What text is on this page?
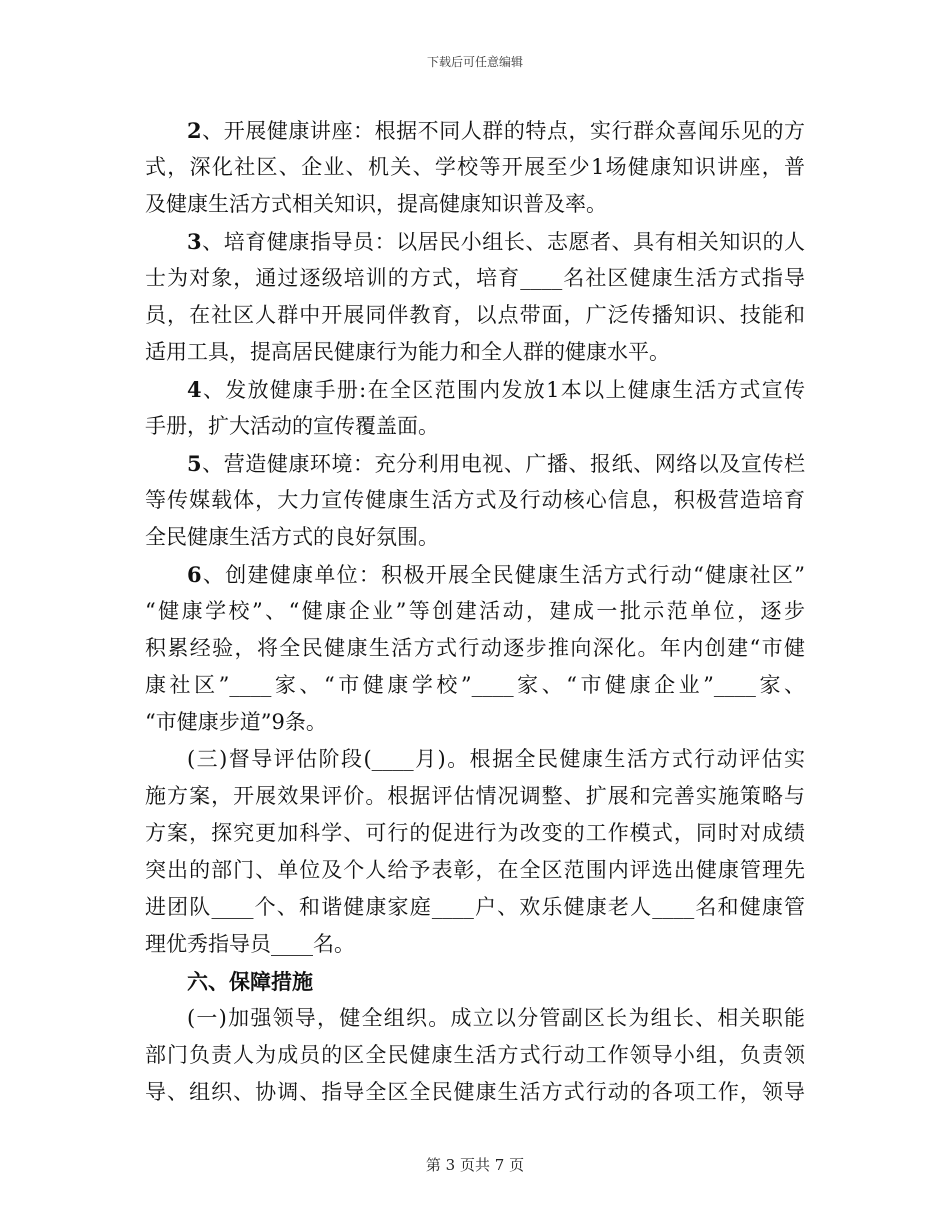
下载后可任意编辑
2、开展健康讲座：根据不同人群的特点，实行群众喜闻乐见的方
式，深化社区、企业、机关、学校等开展至少1场健康知识讲座，普
及健康生活方式相关知识，提高健康知识普及率。
3、培育健康指导员：以居民小组长、志愿者、具有相关知识的人
士为对象，通过逐级培训的方式，培育____名社区健康生活方式指导
员，在社区人群中开展同伴教育，以点带面，广泛传播知识、技能和
适用工具，提高居民健康行为能力和全人群的健康水平。
4、发放健康手册:在全区范围内发放1本以上健康生活方式宣传
手册，扩大活动的宣传覆盖面。
5、营造健康环境：充分利用电视、广播、报纸、网络以及宣传栏
等传媒载体，大力宣传健康生活方式及行动核心信息，积极营造培育
全民健康生活方式的良好氛围。
6、创建健康单位：积极开展全民健康生活方式行动“健康社区”
“健康学校”、“健康企业”等创建活动，建成一批示范单位，逐步
积累经验，将全民健康生活方式行动逐步推向深化。年内创建“市健
康社区”____家、“市健康学校”____家、“市健康企业”____家、
“市健康步道”9条。
(三)督导评估阶段(____月)。根据全民健康生活方式行动评估实
施方案，开展效果评价。根据评估情况调整、扩展和完善实施策略与
方案，探究更加科学、可行的促进行为改变的工作模式，同时对成绩
突出的部门、单位及个人给予表彰，在全区范围内评选出健康管理先
进团队____个、和谐健康家庭____户、欢乐健康老人____名和健康管
理优秀指导员____名。
六、保障措施
(一)加强领导，健全组织。成立以分管副区长为组长、相关职能
部门负责人为成员的区全民健康生活方式行动工作领导小组，负责领
导、组织、协调、指导全区全民健康生活方式行动的各项工作，领导
第 3 页共 7 页
